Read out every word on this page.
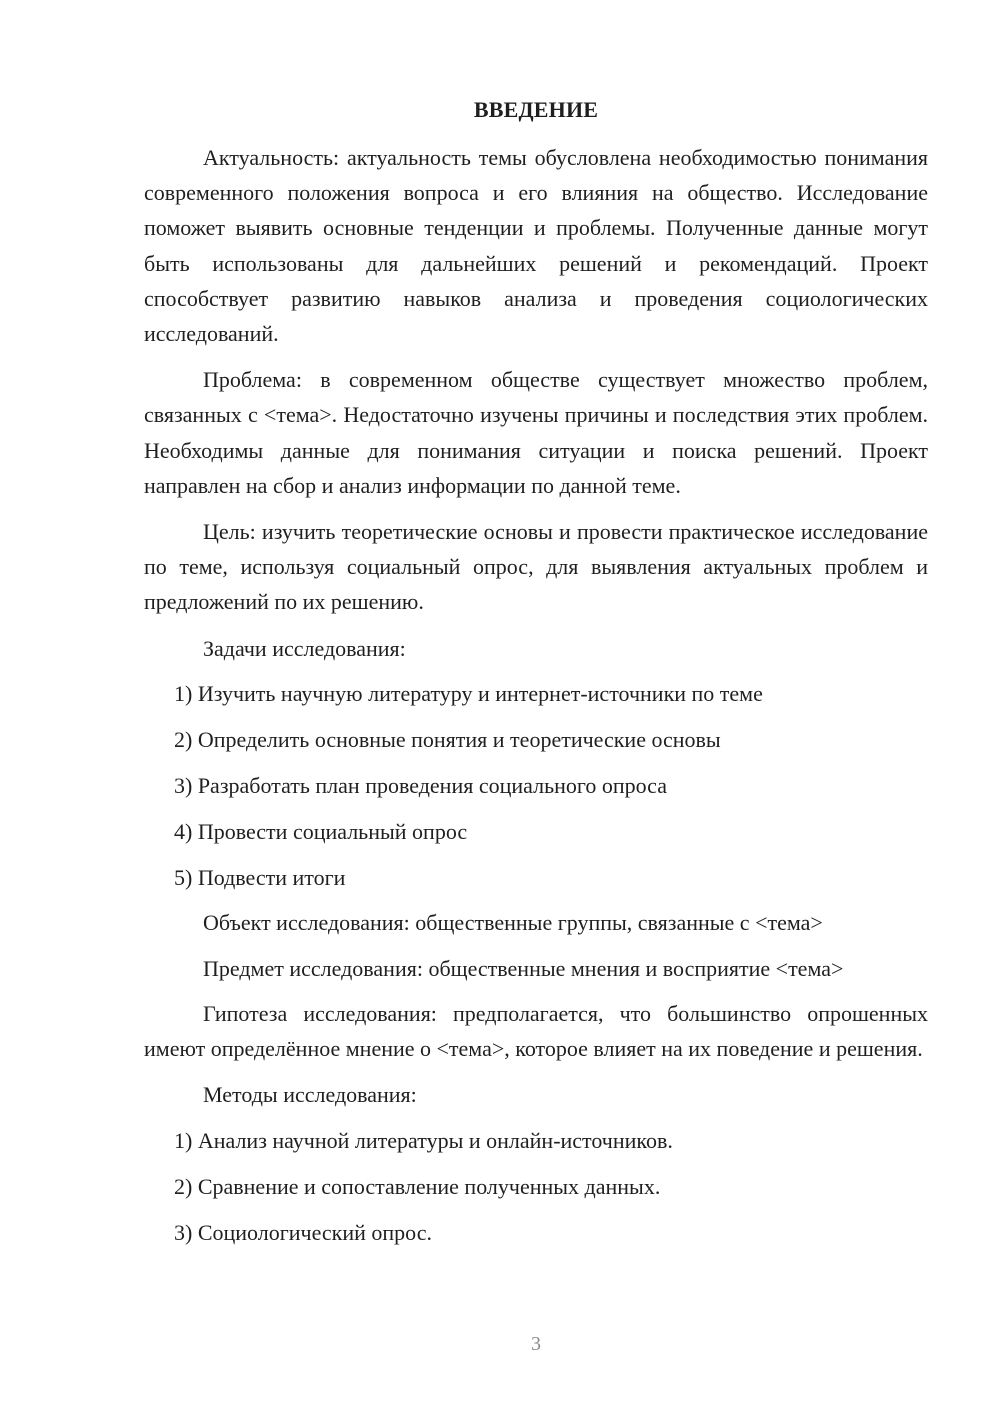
ВВЕДЕНИЕ

Актуальность: актуальность темы обусловлена необходимостью понимания современного положения вопроса и его влияния на общество. Исследование поможет выявить основные тенденции и проблемы. Полученные данные могут быть использованы для дальнейших решений и рекомендаций. Проект способствует развитию навыков анализа и проведения социологических исследований.

Проблема: в современном обществе существует множество проблем, связанных с <тема>. Недостаточно изучены причины и последствия этих проблем. Необходимы данные для понимания ситуации и поиска решений. Проект направлен на сбор и анализ информации по данной теме.

Цель: изучить теоретические основы и провести практическое исследование по теме, используя социальный опрос, для выявления актуальных проблем и предложений по их решению.

Задачи исследования:
1) Изучить научную литературу и интернет-источники по теме
2) Определить основные понятия и теоретические основы
3) Разработать план проведения социального опроса
4) Провести социальный опрос
5) Подвести итоги

Объект исследования: общественные группы, связанные с <тема>

Предмет исследования: общественные мнения и восприятие <тема>

Гипотеза исследования: предполагается, что большинство опрошенных имеют определённое мнение о <тема>, которое влияет на их поведение и решения.

Методы исследования:
1) Анализ научной литературы и онлайн-источников.
2) Сравнение и сопоставление полученных данных.
3) Социологический опрос.
3
